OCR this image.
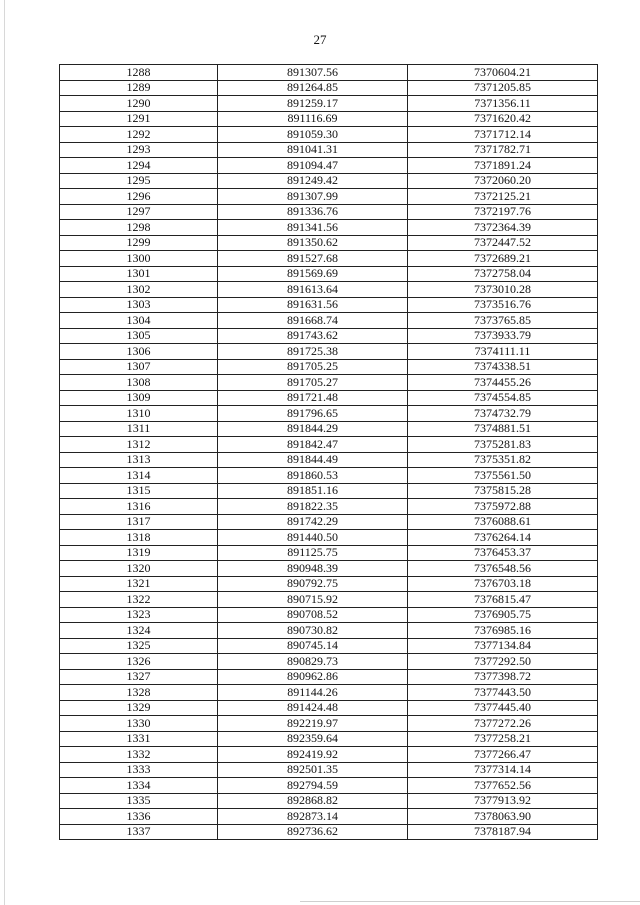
27
1288	891307.56	7370604.21
1289	891264.85	7371205.85
1290	891259.17	7371356.11
1291	891116.69	7371620.42
1292	891059.30	7371712.14
1293	891041.31	7371782.71
1294	891094.47	7371891.24
1295	891249.42	7372060.20
1296	891307.99	7372125.21
1297	891336.76	7372197.76
1298	891341.56	7372364.39
1299	891350.62	7372447.52
1300	891527.68	7372689.21
1301	891569.69	7372758.04
1302	891613.64	7373010.28
1303	891631.56	7373516.76
1304	891668.74	7373765.85
1305	891743.62	7373933.79
1306	891725.38	7374111.11
1307	891705.25	7374338.51
1308	891705.27	7374455.26
1309	891721.48	7374554.85
1310	891796.65	7374732.79
1311	891844.29	7374881.51
1312	891842.47	7375281.83
1313	891844.49	7375351.82
1314	891860.53	7375561.50
1315	891851.16	7375815.28
1316	891822.35	7375972.88
1317	891742.29	7376088.61
1318	891440.50	7376264.14
1319	891125.75	7376453.37
1320	890948.39	7376548.56
1321	890792.75	7376703.18
1322	890715.92	7376815.47
1323	890708.52	7376905.75
1324	890730.82	7376985.16
1325	890745.14	7377134.84
1326	890829.73	7377292.50
1327	890962.86	7377398.72
1328	891144.26	7377443.50
1329	891424.48	7377445.40
1330	892219.97	7377272.26
1331	892359.64	7377258.21
1332	892419.92	7377266.47
1333	892501.35	7377314.14
1334	892794.59	7377652.56
1335	892868.82	7377913.92
1336	892873.14	7378063.90
1337	892736.62	7378187.94
